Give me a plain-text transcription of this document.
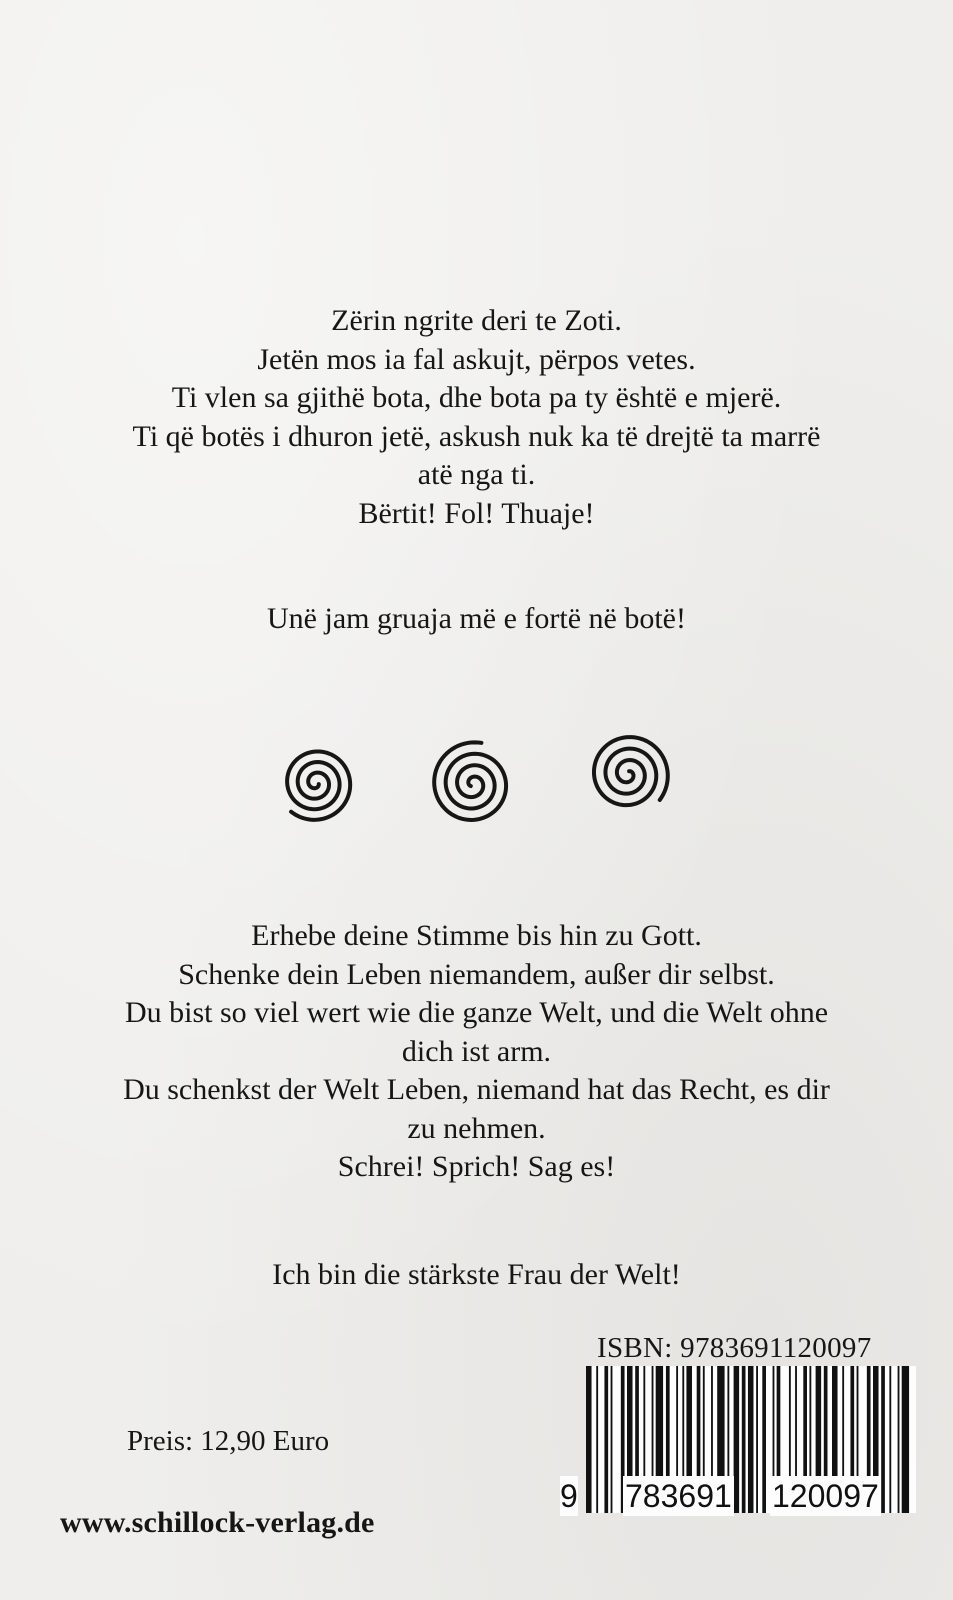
Zërin ngrite deri te Zoti.
Jetën mos ia fal askujt, përpos vetes.
Ti vlen sa gjithë bota, dhe bota pa ty është e mjerë.
Ti që botës i dhuron jetë, askush nuk ka të drejtë ta marrë
atë nga ti.
Bërtit! Fol! Thuaje!
Unë jam gruaja më e fortë në botë!
Erhebe deine Stimme bis hin zu Gott.
Schenke dein Leben niemandem, außer dir selbst.
Du bist so viel wert wie die ganze Welt, und die Welt ohne
dich ist arm.
Du schenkst der Welt Leben, niemand hat das Recht, es dir
zu nehmen.
Schrei! Sprich! Sag es!
Ich bin die stärkste Frau der Welt!
ISBN: 9783691120097
9 783691 120097
Preis: 12,90 Euro
www.schillock-verlag.de
